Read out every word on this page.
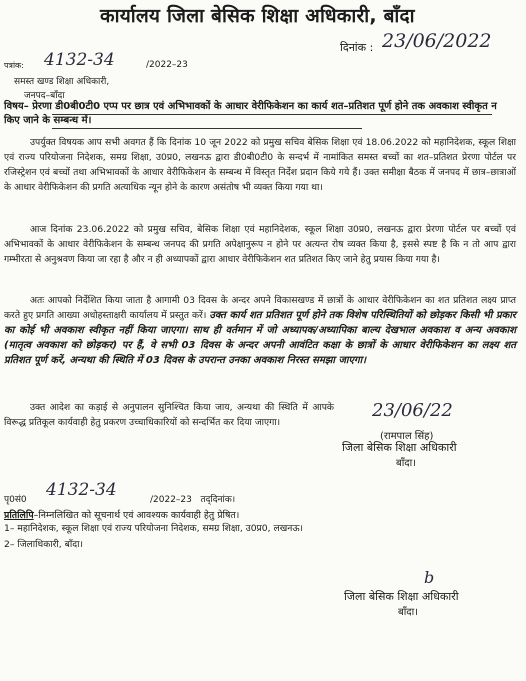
कार्यालय जिला बेसिक शिक्षा अधिकारी, बाँदा
दिनांक : 23/06/2022
पत्रांक: 4132-34	/2022–23
समस्त खण्ड शिक्षा अधिकारी,
जनपद–बाँदा
विषय– प्रेरणा डी0बी0टी0 एप्प पर छात्र एवं अभिभावकों के आधार वेरीफिकेशन का कार्य शत–प्रतिशत पूर्ण होने तक अवकाश स्वीकृत न किए जाने के सम्बन्ध में।
उपर्युक्त विषयक आप सभी अवगत हैं कि दिनांक 10 जून 2022 को प्रमुख सचिव बेसिक शिक्षा एवं 18.06.2022 को महानिदेशक, स्कूल शिक्षा एवं राज्य परियोजना निदेशक, समग्र शिक्षा, उ0प्र0, लखनऊ द्वारा डी0बी0टी0 के सन्दर्भ में नामांकित समस्त बच्चों का शत–प्रतिशत प्रेरणा पोर्टल पर रजिस्ट्रेशन एवं बच्चों तथा अभिभावकों के आधार वेरीफिकेशन के सम्बन्ध में विस्तृत निर्देश प्रदान किये गये हैं। उक्त समीक्षा बैठक में जनपद में छात्र–छात्राओं के आधार वेरीफिकेशन की प्रगति अत्याधिक न्यून होने के कारण असंतोष भी व्यक्त किया गया था।
आज दिनांक 23.06.2022 को प्रमुख सचिव, बेसिक शिक्षा एवं महानिदेशक, स्कूल शिक्षा उ0प्र0, लखनऊ द्वारा प्रेरणा पोर्टल पर बच्चों एवं अभिभावकों के आधार वेरीफिकेशन के सम्बन्ध जनपद की प्रगति अपेक्षानुरूप न होने पर अत्यन्त रोष व्यक्त किया है, इससे स्पष्ट है कि न तो आप द्वारा गम्भीरता से अनुश्रवण किया जा रहा है और न ही अध्यापकों द्वारा आधार वेरीफिकेशन शत प्रतिशत किए जाने हेतु प्रयास किया गया है।
अतः आपको निर्देशित किया जाता है आगामी 03 दिवस के अन्दर अपने विकासखण्ड में छात्रों के आधार वेरीफिकेशन का शत प्रतिशत लक्ष्य प्राप्त करते हुए प्रगति आख्या अधोहस्ताक्षरी कार्यालय में प्रस्तुत करें। उक्त कार्य शत प्रतिशत पूर्ण होने तक विशेष परिस्थितियों को छोड़कर किसी भी प्रकार का कोई भी अवकाश स्वीकृत नहीं किया जाएगा। साथ ही वर्तमान में जो अध्यापक/अध्यापिका बाल्य देखभाल अवकाश व अन्य अवकाश (मातृत्व अवकाश को छोड़कर) पर हैं, वे सभी 03 दिवस के अन्दर अपनी आवंटित कक्षा के छात्रों के आधार वेरीफिकेशन का लक्ष्य शत प्रतिशत पूर्ण करें, अन्यथा की स्थिति में 03 दिवस के उपरान्त उनका अवकाश निरस्त समझा जाएगा।
उक्त आदेश का कड़ाई से अनुपालन सुनिश्चित किया जाय, अन्यथा की स्थिति में आपके विरूद्ध प्रतिकूल कार्यवाही हेतु प्रकरण उच्चाधिकारियों को सन्दर्भित कर दिया जाएगा।
23/06/22
(रामपाल सिंह)
जिला बेसिक शिक्षा अधिकारी
बाँदा।
पृ0सं0 4132-34	/2022–23 तद्‌दिनांक।
प्रतिलिपि–निम्नलिखित को सूचनार्थ एवं आवश्यक कार्यवाही हेतु प्रेषित।
1– महानिदेशक, स्कूल शिक्षा एवं राज्य परियोजना निदेशक, समग्र शिक्षा, उ0प्र0, लखनऊ।
2– जिलाधिकारी, बाँदा।
b
जिला बेसिक शिक्षा अधिकारी
बाँदा।
